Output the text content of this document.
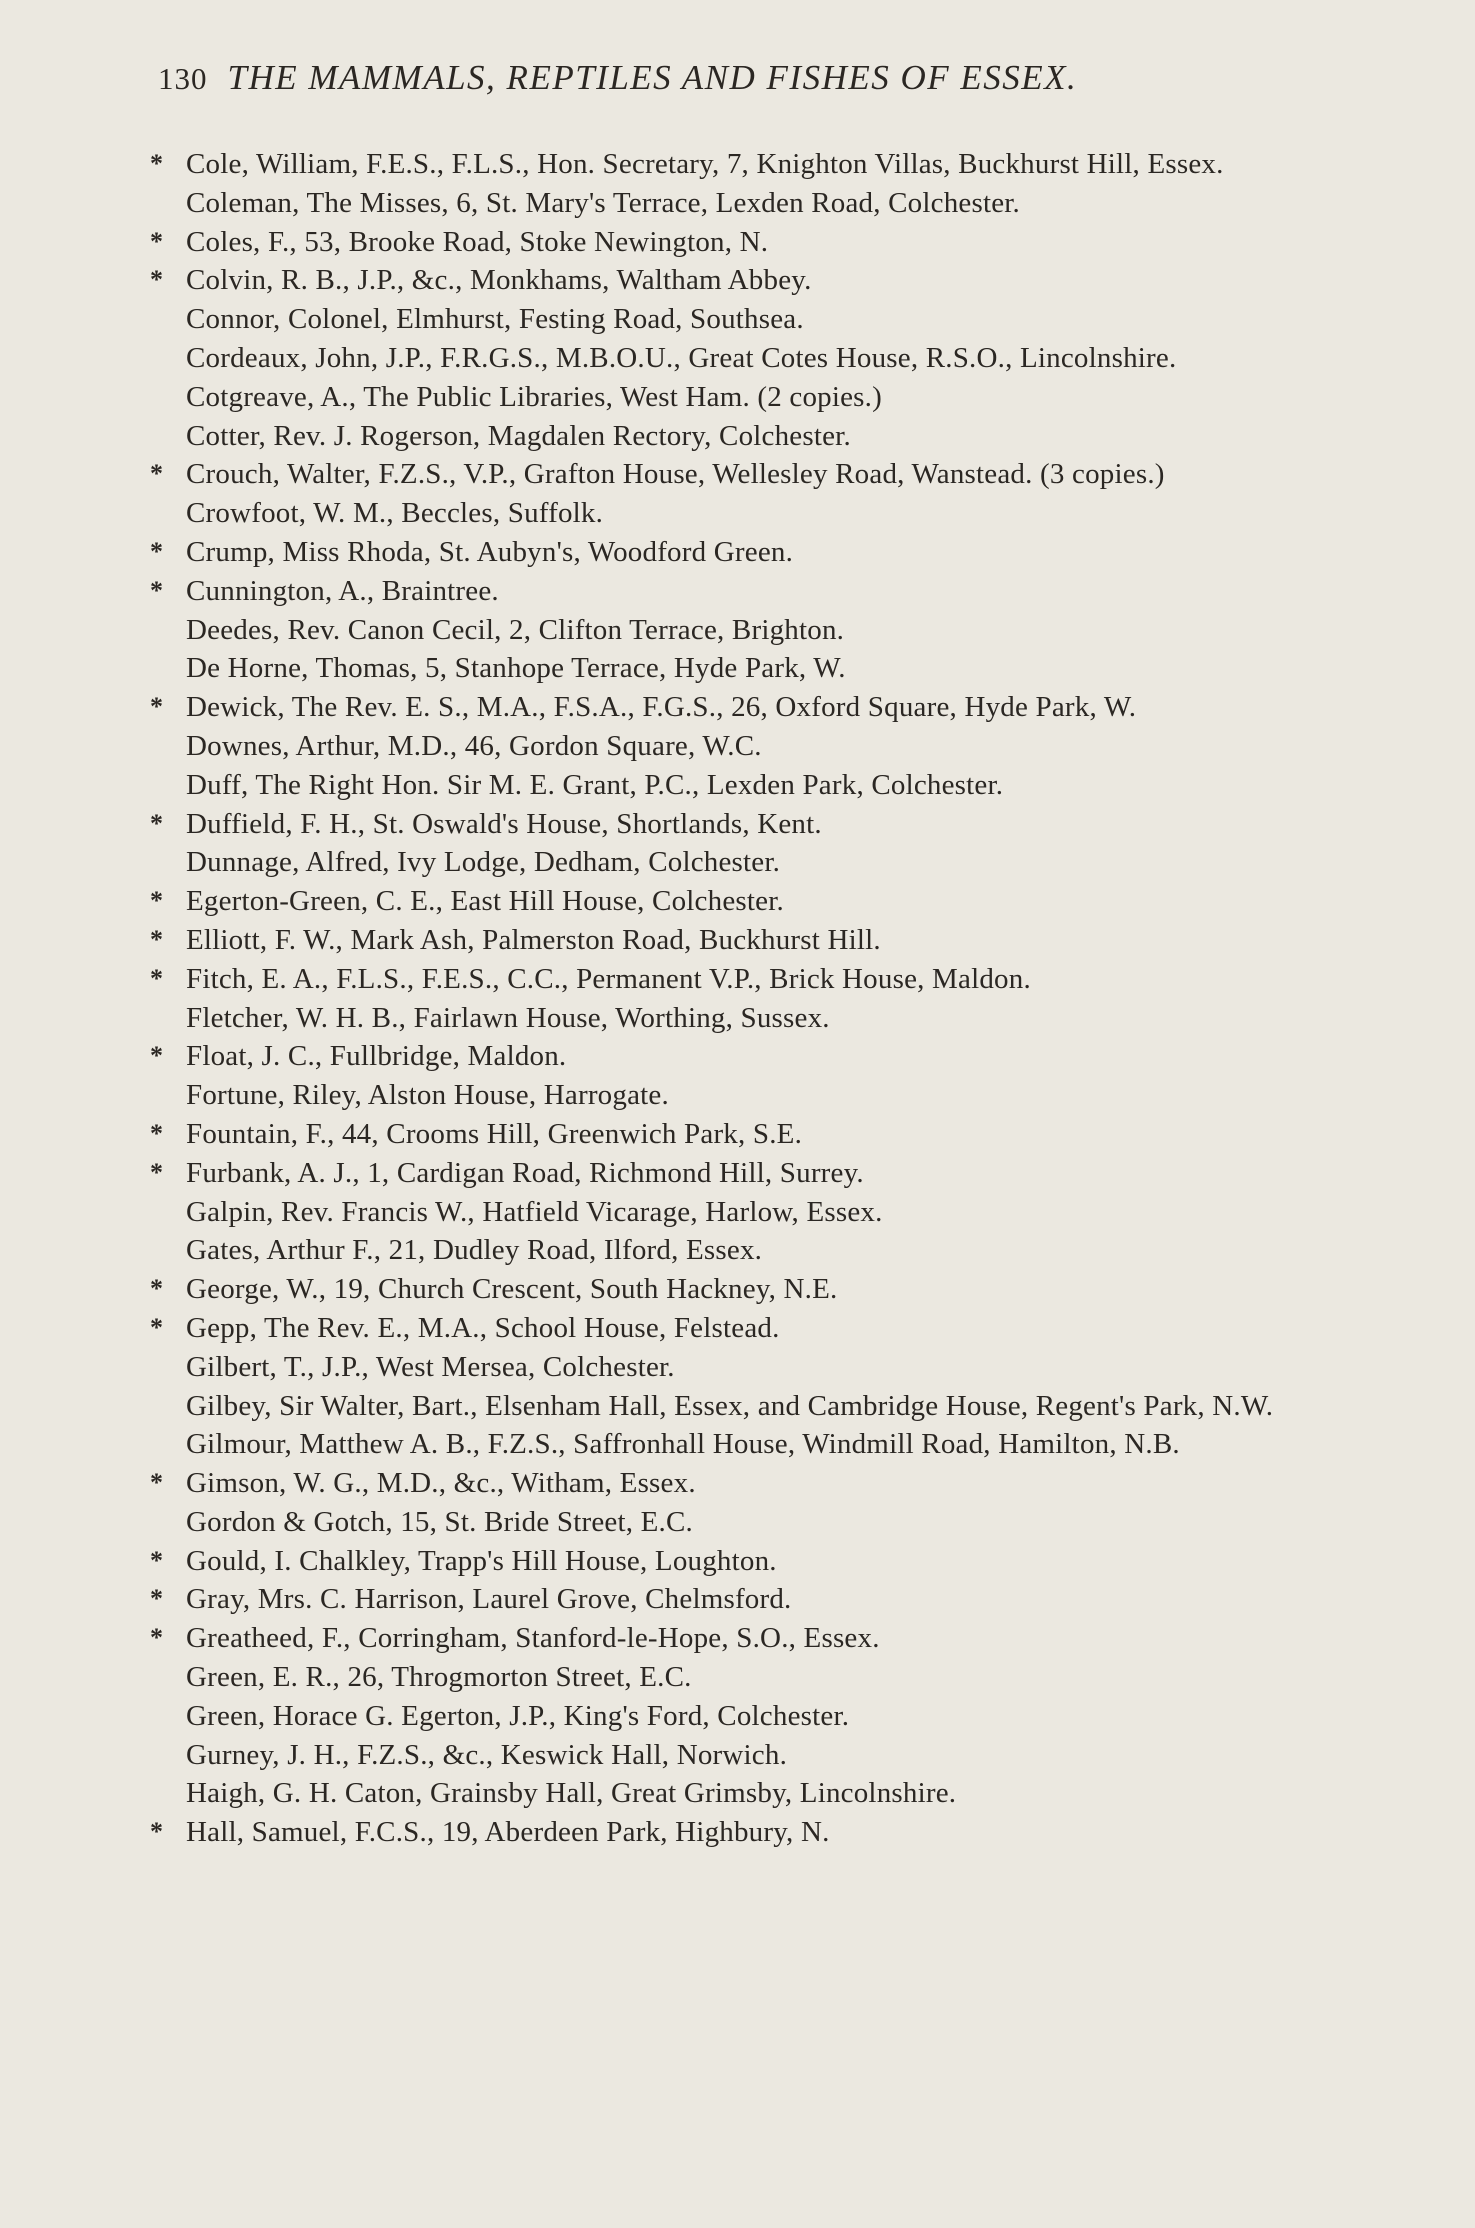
130 THE MAMMALS, REPTILES AND FISHES OF ESSEX.
* Cole, William, F.E.S., F.L.S., Hon. Secretary, 7, Knighton Villas, Buckhurst Hill, Essex.
Coleman, The Misses, 6, St. Mary's Terrace, Lexden Road, Colchester.
* Coles, F., 53, Brooke Road, Stoke Newington, N.
* Colvin, R. B., J.P., &c., Monkhams, Waltham Abbey.
Connor, Colonel, Elmhurst, Festing Road, Southsea.
Cordeaux, John, J.P., F.R.G.S., M.B.O.U., Great Cotes House, R.S.O., Lincolnshire.
Cotgreave, A., The Public Libraries, West Ham. (2 copies.)
Cotter, Rev. J. Rogerson, Magdalen Rectory, Colchester.
* Crouch, Walter, F.Z.S., V.P., Grafton House, Wellesley Road, Wanstead. (3 copies.)
Crowfoot, W. M., Beccles, Suffolk.
* Crump, Miss Rhoda, St. Aubyn's, Woodford Green.
* Cunnington, A., Braintree.
Deedes, Rev. Canon Cecil, 2, Clifton Terrace, Brighton.
De Horne, Thomas, 5, Stanhope Terrace, Hyde Park, W.
* Dewick, The Rev. E. S., M.A., F.S.A., F.G.S., 26, Oxford Square, Hyde Park, W.
Downes, Arthur, M.D., 46, Gordon Square, W.C.
Duff, The Right Hon. Sir M. E. Grant, P.C., Lexden Park, Colchester.
* Duffield, F. H., St. Oswald's House, Shortlands, Kent.
Dunnage, Alfred, Ivy Lodge, Dedham, Colchester.
* Egerton-Green, C. E., East Hill House, Colchester.
* Elliott, F. W., Mark Ash, Palmerston Road, Buckhurst Hill.
* Fitch, E. A., F.L.S., F.E.S., C.C., Permanent V.P., Brick House, Maldon.
Fletcher, W. H. B., Fairlawn House, Worthing, Sussex.
* Float, J. C., Fullbridge, Maldon.
Fortune, Riley, Alston House, Harrogate.
* Fountain, F., 44, Crooms Hill, Greenwich Park, S.E.
* Furbank, A. J., 1, Cardigan Road, Richmond Hill, Surrey.
Galpin, Rev. Francis W., Hatfield Vicarage, Harlow, Essex.
Gates, Arthur F., 21, Dudley Road, Ilford, Essex.
* George, W., 19, Church Crescent, South Hackney, N.E.
* Gepp, The Rev. E., M.A., School House, Felstead.
Gilbert, T., J.P., West Mersea, Colchester.
Gilbey, Sir Walter, Bart., Elsenham Hall, Essex, and Cambridge House, Regent's Park, N.W.
Gilmour, Matthew A. B., F.Z.S., Saffronhall House, Windmill Road, Hamilton, N.B.
* Gimson, W. G., M.D., &c., Witham, Essex.
Gordon & Gotch, 15, St. Bride Street, E.C.
* Gould, I. Chalkley, Trapp's Hill House, Loughton.
* Gray, Mrs. C. Harrison, Laurel Grove, Chelmsford.
* Greatheed, F., Corringham, Stanford-le-Hope, S.O., Essex.
Green, E. R., 26, Throgmorton Street, E.C.
Green, Horace G. Egerton, J.P., King's Ford, Colchester.
Gurney, J. H., F.Z.S., &c., Keswick Hall, Norwich.
Haigh, G. H. Caton, Grainsby Hall, Great Grimsby, Lincolnshire.
* Hall, Samuel, F.C.S., 19, Aberdeen Park, Highbury, N.
